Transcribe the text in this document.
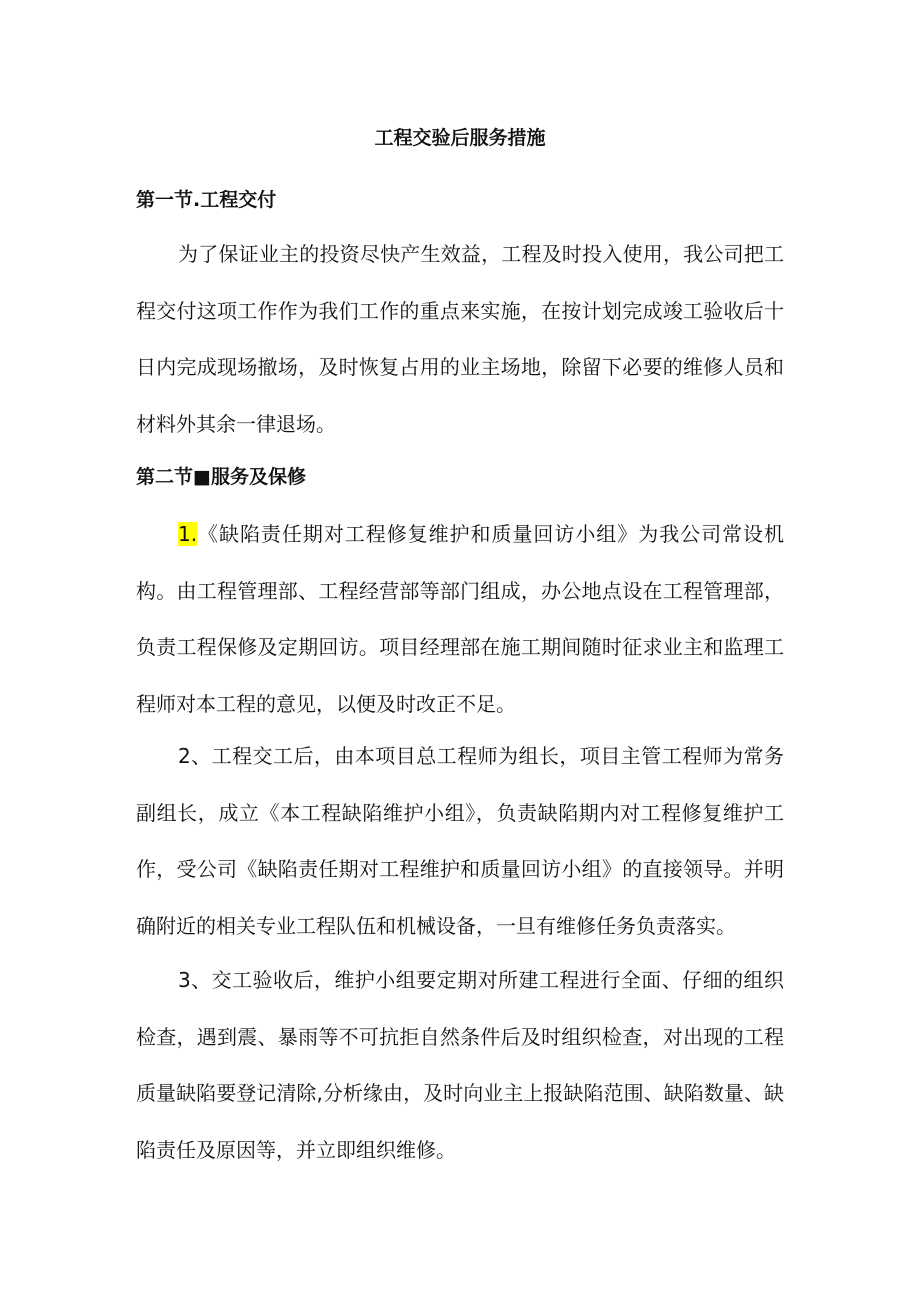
工程交验后服务措施
第一节.工程交付

为了保证业主的投资尽快产生效益，工程及时投入使用，我公司把工程交付这项工作作为我们工作的重点来实施，在按计划完成竣工验收后十日内完成现场撤场，及时恢复占用的业主场地，除留下必要的维修人员和材料外其余一律退场。

第二节■服务及保修

1.《缺陷责任期对工程修复维护和质量回访小组》为我公司常设机构。由工程管理部、工程经营部等部门组成，办公地点设在工程管理部，负责工程保修及定期回访。项目经理部在施工期间随时征求业主和监理工程师对本工程的意见，以便及时改正不足。

2、工程交工后，由本项目总工程师为组长，项目主管工程师为常务副组长，成立《本工程缺陷维护小组》，负责缺陷期内对工程修复维护工作，受公司《缺陷责任期对工程维护和质量回访小组》的直接领导。并明确附近的相关专业工程队伍和机械设备，一旦有维修任务负责落实。

3、交工验收后，维护小组要定期对所建工程进行全面、仔细的组织检查，遇到震、暴雨等不可抗拒自然条件后及时组织检查，对出现的工程质量缺陷要登记清除,分析缘由，及时向业主上报缺陷范围、缺陷数量、缺陷责任及原因等，并立即组织维修。
